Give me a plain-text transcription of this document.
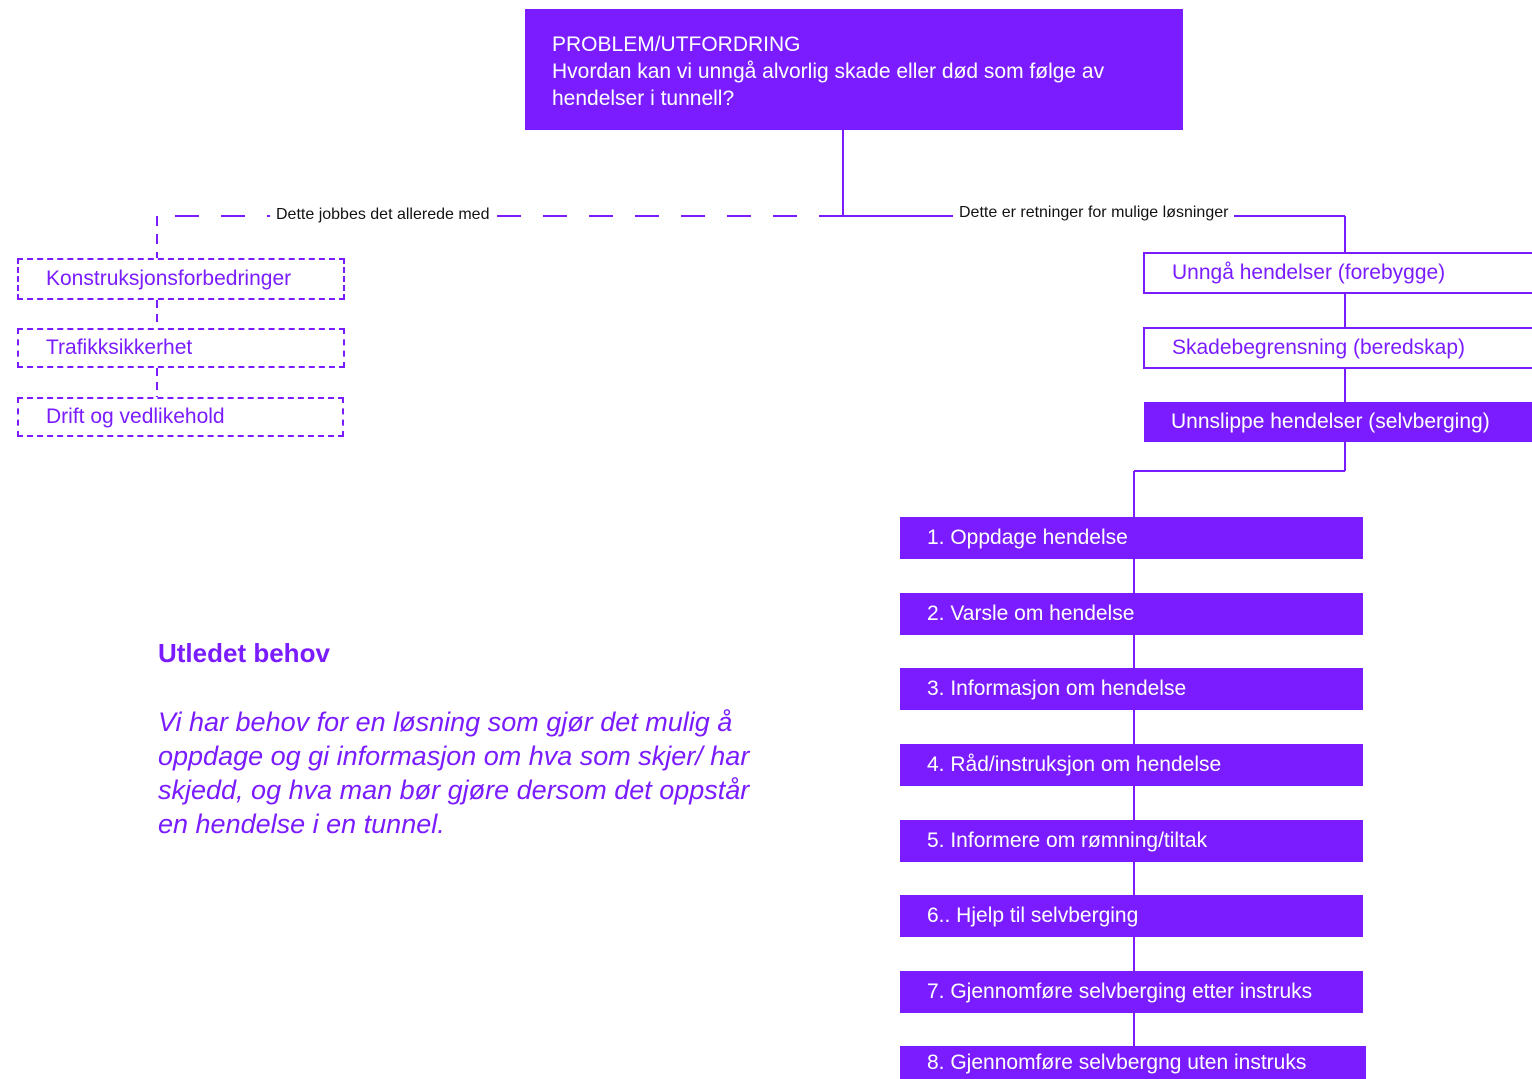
PROBLEM/UTFORDRING
Hvordan kan vi unngå alvorlig skade eller død som følge av
hendelser i tunnell?
Dette jobbes det allerede med	Dette er retninger for mulige løsninger
Konstruksjonsforbedringer
Trafikksikkerhet
Drift og vedlikehold
Unngå hendelser (forebygge)
Skadebegrensning (beredskap)
Unnslippe hendelser (selvberging)
1. Oppdage hendelse
2. Varsle om hendelse
3. Informasjon om hendelse
4. Råd/instruksjon om hendelse
5. Informere om rømning/tiltak
6.. Hjelp til selvberging
7. Gjennomføre selvberging etter instruks
8. Gjennomføre selvbergng uten instruks
Utledet behov
Vi har behov for en løsning som gjør det mulig å oppdage og gi informasjon om hva som skjer/ har skjedd, og hva man bør gjøre dersom det oppstår en hendelse i en tunnel.
